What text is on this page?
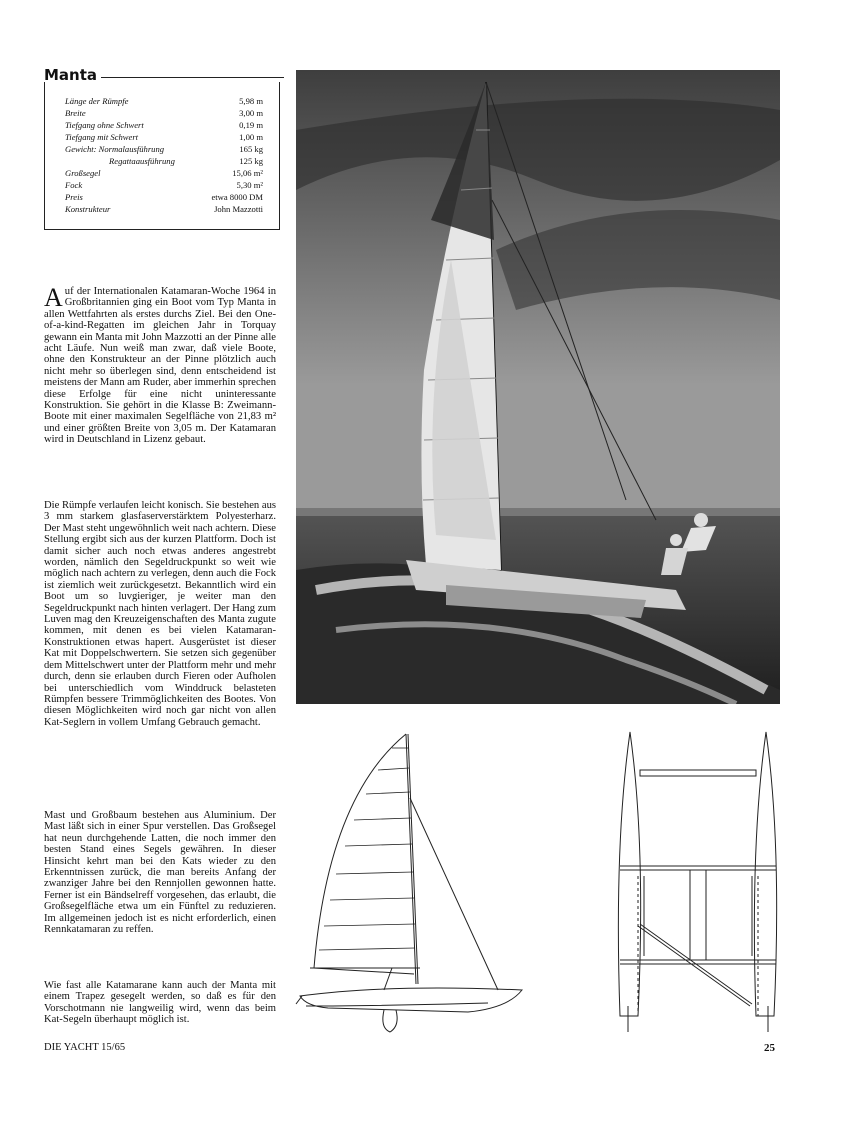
Manta
Länge der Rümpfe	5,98 m
Breite	3,00 m
Tiefgang ohne Schwert	0,19 m
Tiefgang mit Schwert	1,00 m
Gewicht: Normalausführung	165 kg
Regattaausführung	125 kg
Großsegel	15,06 m²
Fock	5,30 m²
Preis	etwa 8000 DM
Konstrukteur	John Mazzotti

Auf der Internationalen Katamaran-Woche 1964 in Großbritannien ging ein Boot vom Typ Manta in allen Wettfahrten als erstes durchs Ziel. Bei den One-of-a-kind-Regatten im gleichen Jahr in Torquay gewann ein Manta mit John Mazzotti an der Pinne alle acht Läufe. Nun weiß man zwar, daß viele Boote, ohne den Konstrukteur an der Pinne plötzlich auch nicht mehr so überlegen sind, denn entscheidend ist meistens der Mann am Ruder, aber immerhin sprechen diese Erfolge für eine nicht uninteressante Konstruktion. Sie gehört in die Klasse B: Zweimann-Boote mit einer maximalen Segelfläche von 21,83 m² und einer größten Breite von 3,05 m. Der Katamaran wird in Deutschland in Lizenz gebaut.

Die Rümpfe verlaufen leicht konisch. Sie bestehen aus 3 mm starkem glasfaserverstärktem Polyesterharz. Der Mast steht ungewöhnlich weit nach achtern. Diese Stellung ergibt sich aus der kurzen Plattform. Doch ist damit sicher auch noch etwas anderes angestrebt worden, nämlich den Segeldruckpunkt so weit wie möglich nach achtern zu verlegen, denn auch die Fock ist ziemlich weit zurückgesetzt. Bekanntlich wird ein Boot um so luvgieriger, je weiter man den Segeldruckpunkt nach hinten verlagert. Der Hang zum Luven mag den Kreuzeigenschaften des Manta zugute kommen, mit denen es bei vielen Katamaran-Konstruktionen etwas hapert. Ausgerüstet ist dieser Kat mit Doppelschwertern. Sie setzen sich gegenüber dem Mittelschwert unter der Plattform mehr und mehr durch, denn sie erlauben durch Fieren oder Aufholen bei unterschiedlich vom Winddruck belasteten Rümpfen bessere Trimmöglichkeiten des Bootes. Von diesen Möglichkeiten wird noch gar nicht von allen Kat-Seglern in vollem Umfang Gebrauch gemacht.

Mast und Großbaum bestehen aus Aluminium. Der Mast läßt sich in einer Spur verstellen. Das Großsegel hat neun durchgehende Latten, die noch immer den besten Stand eines Segels gewähren. In dieser Hinsicht kehrt man bei den Kats wieder zu den Erkenntnissen zurück, die man bereits Anfang der zwanziger Jahre bei den Rennjollen gewonnen hatte. Ferner ist ein Bändselreff vorgesehen, das erlaubt, die Großsegelfläche etwa um ein Fünftel zu reduzieren. Im allgemeinen jedoch ist es nicht erforderlich, einen Rennkatamaran zu reffen.

Wie fast alle Katamarane kann auch der Manta mit einem Trapez gesegelt werden, so daß es für den Vorschotmann nie langweilig wird, wenn das beim Kat-Segeln überhaupt möglich ist.

DIE YACHT 15/65	25
